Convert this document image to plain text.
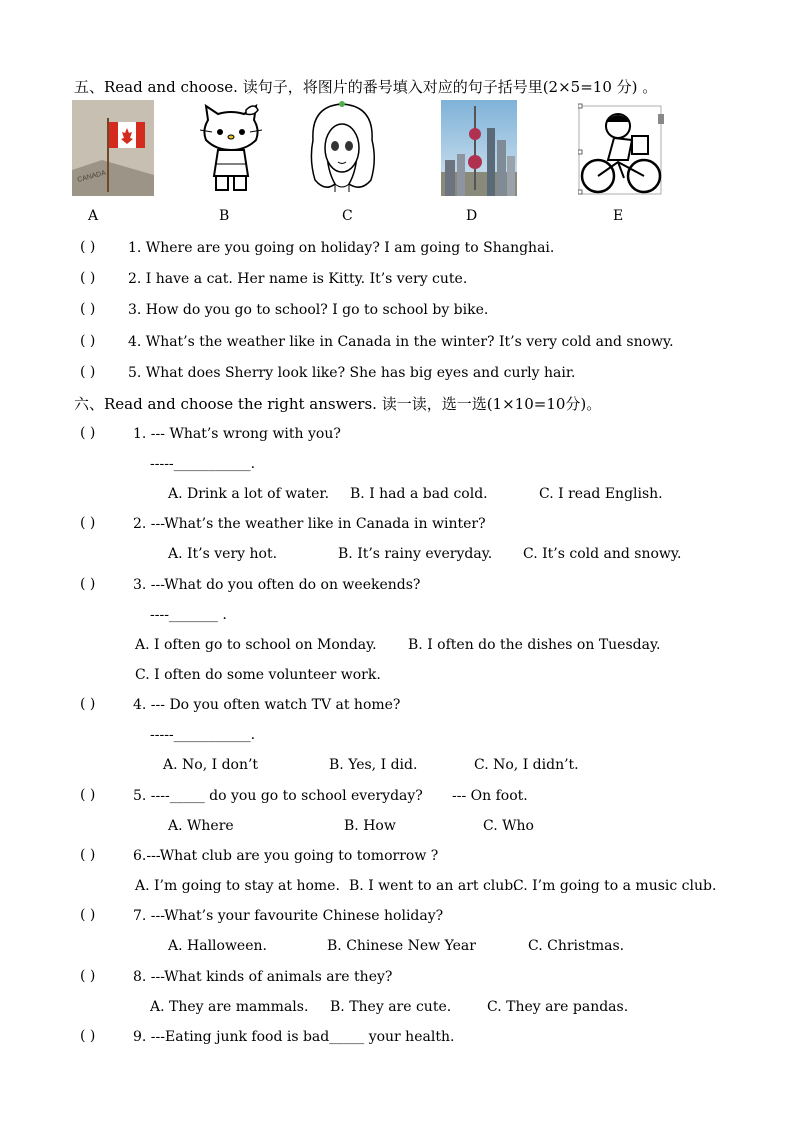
五、Read and choose. 读句子，将图片的番号填入对应的句子括号里(2×5=10 分) 。
CANADA
A	B	C	D	E
( ) 1. Where are you going on holiday? I am going to Shanghai.
( ) 2. I have a cat. Her name is Kitty. It’s very cute.
( ) 3. How do you go to school? I go to school by bike.
( ) 4. What’s the weather like in Canada in the winter? It’s very cold and snowy.
( ) 5. What does Sherry look like? She has big eyes and curly hair.
六、Read and choose the right answers. 读一读，选一选(1×10=10分)。
( )	1. --- What’s wrong with you?
-----___________.
A. Drink a lot of water. B. I had a bad cold.	C. I read English.
( )	2. ---What’s the weather like in Canada in winter?
A. It’s very hot.	B. It’s rainy everyday. C. It’s cold and snowy.
( )	3. ---What do you often do on weekends?
----_______ .
A. I often go to school on Monday. B. I often do the dishes on Tuesday.
C. I often do some volunteer work.
( )	4. --- Do you often watch TV at home?
-----___________.
A. No, I don’t	B. Yes, I did.	C. No, I didn’t.
( )	5. ----_____ do you go to school everyday? --- On foot.
A. Where	B. How	C. Who
( )	6.---What club are you going to tomorrow ?
A. I’m going to stay at home. B. I went to an art club.
C. I’m going to a music club.
( )	7. ---What’s your favourite Chinese holiday?
A. Halloween.	B. Chinese New Year	C. Christmas.
( )	8. ---What kinds of animals are they?
A. They are mammals. B. They are cute.	C. They are pandas.
( )	9. ---Eating junk food is bad_____ your health.
